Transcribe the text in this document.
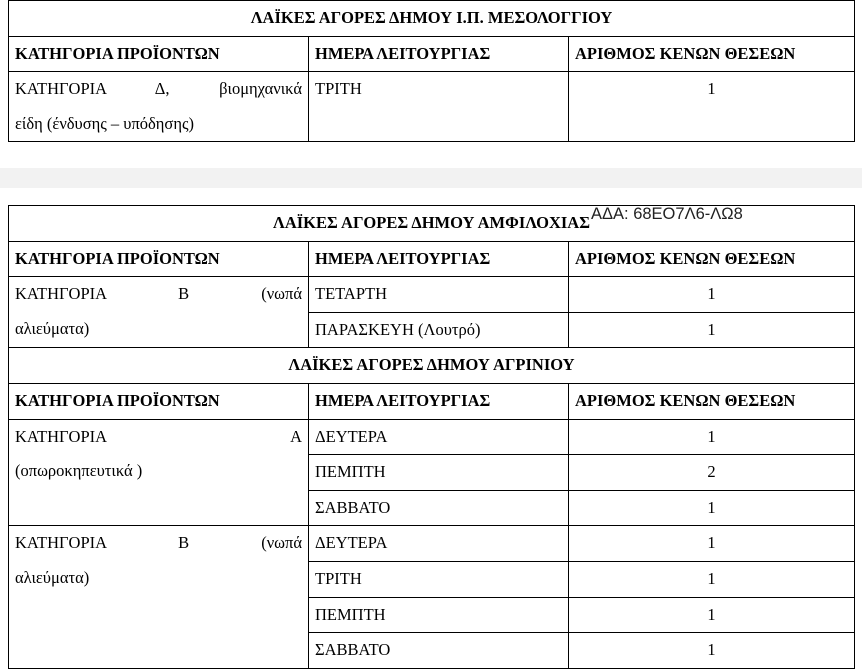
ΛΑΪΚΕΣ ΑΓΟΡΕΣ ΔΗΜΟΥ Ι.Π. ΜΕΣΟΛΟΓΓΙΟΥ		
ΚΑΤΗΓΟΡΙΑ ΠΡΟΪΟΝΤΩΝ	ΗΜΕΡΑ ΛΕΙΤΟΥΡΓΙΑΣ	ΑΡΙΘΜΟΣ ΚΕΝΩΝ ΘΕΣΕΩΝ

ΚΑΤΗΓΟΡΙΑ Δ, βιομηχανικά
είδη (ένδυσης – υπόδησης)	ΤΡΙΤΗ	1
ΛΑΪΚΕΣ ΑΓΟΡΕΣ ΔΗΜΟΥ ΑΜΦΙΛΟΧΙΑΣ		
ΚΑΤΗΓΟΡΙΑ ΠΡΟΪΟΝΤΩΝ	ΗΜΕΡΑ ΛΕΙΤΟΥΡΓΙΑΣ	ΑΡΙΘΜΟΣ ΚΕΝΩΝ ΘΕΣΕΩΝ

ΚΑΤΗΓΟΡΙΑ Β (νωπά
αλιεύματα)	ΤΕΤΑΡΤΗ	1
	ΠΑΡΑΣΚΕΥΗ (Λουτρό)	1
ΛΑΪΚΕΣ ΑΓΟΡΕΣ ΔΗΜΟΥ ΑΓΡΙΝΙΟΥ		
ΚΑΤΗΓΟΡΙΑ ΠΡΟΪΟΝΤΩΝ	ΗΜΕΡΑ ΛΕΙΤΟΥΡΓΙΑΣ	ΑΡΙΘΜΟΣ ΚΕΝΩΝ ΘΕΣΕΩΝ

ΚΑΤΗΓΟΡΙΑ Α
(οπωροκηπευτικά )	ΔΕΥΤΕΡΑ	1
	ΠΕΜΠΤΗ	2
	ΣΑΒΒΑΤΟ	1

ΚΑΤΗΓΟΡΙΑ Β (νωπά
αλιεύματα)	ΔΕΥΤΕΡΑ	1
	ΤΡΙΤΗ	1
	ΠΕΜΠΤΗ	1
	ΣΑΒΒΑΤΟ	1
ΑΔΑ: 68ΕΟ7Λ6-ΛΩ8
